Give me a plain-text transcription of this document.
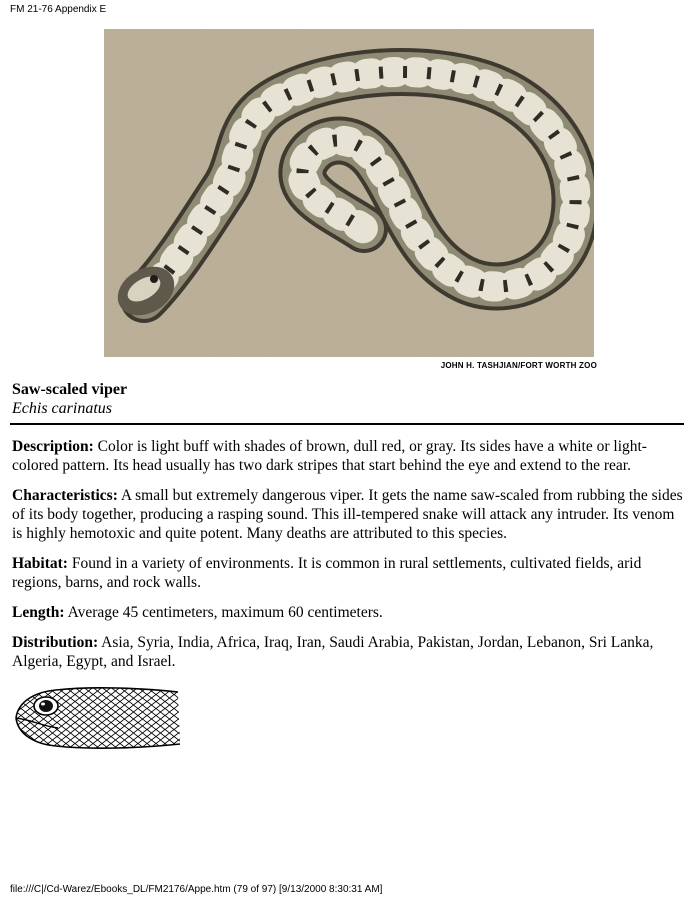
FM 21-76 Appendix E
JOHN H. TASHJIAN/FORT WORTH ZOO
Saw-scaled viper
Echis carinatus

Description: Color is light buff with shades of brown, dull red, or gray. Its sides have a white or light-colored pattern. Its head usually has two dark stripes that start behind the eye and extend to the rear.

Characteristics: A small but extremely dangerous viper. It gets the name saw-scaled from rubbing the sides of its body together, producing a rasping sound. This ill-tempered snake will attack any intruder. Its venom is highly hemotoxic and quite potent. Many deaths are attributed to this species.

Habitat: Found in a variety of environments. It is common in rural settlements, cultivated fields, arid regions, barns, and rock walls.

Length: Average 45 centimeters, maximum 60 centimeters.

Distribution: Asia, Syria, India, Africa, Iraq, Iran, Saudi Arabia, Pakistan, Jordan, Lebanon, Sri Lanka, Algeria, Egypt, and Israel.

file:///C|/Cd-Warez/Ebooks_DL/FM2176/Appe.htm (79 of 97) [9/13/2000 8:30:31 AM]
